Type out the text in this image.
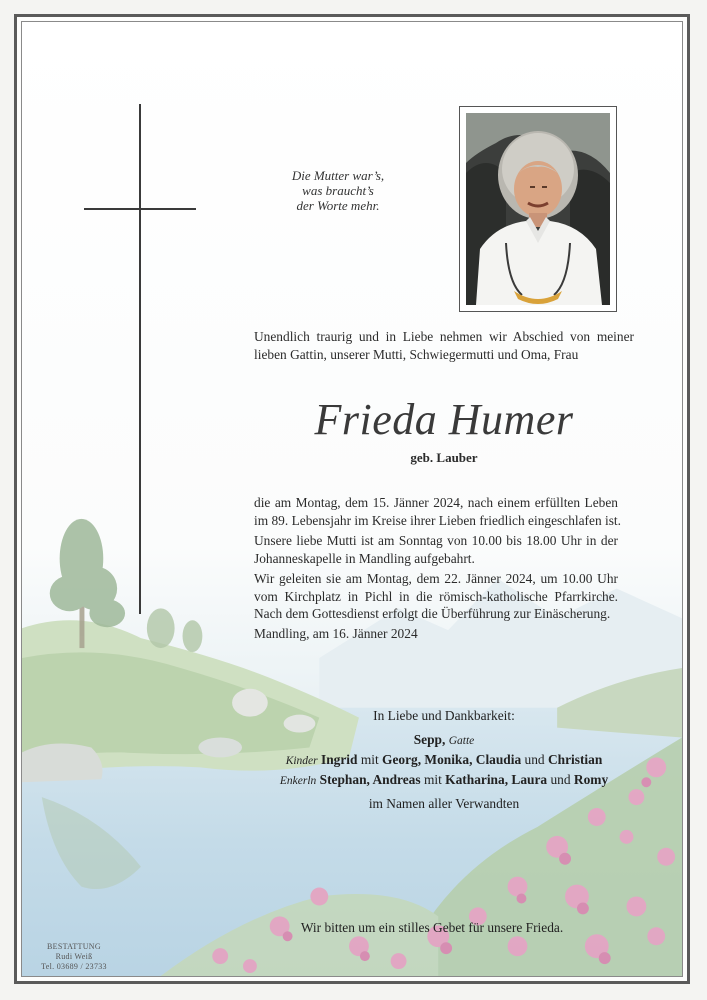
Die Mutter war’s,
was braucht’s
der Worte mehr.
Unendlich traurig und in Liebe nehmen wir Abschied von meiner
lieben Gattin, unserer Mutti, Schwiegermutti und Oma, Frau
Frieda Humer
geb. Lauber
die am Montag, dem 15. Jänner 2024, nach einem erfüllten Leben
im 89. Lebensjahr im Kreise ihrer Lieben friedlich eingeschlafen ist.
Unsere liebe Mutti ist am Sonntag von 10.00 bis 18.00 Uhr in der
Johanneskapelle in Mandling aufgebahrt.
Wir geleiten sie am Montag, dem 22. Jänner 2024, um 10.00 Uhr
vom Kirchplatz in Pichl in die römisch-katholische Pfarrkirche.
Nach dem Gottesdienst erfolgt die Überführung zur Einäscherung.
Mandling, am 16. Jänner 2024
In Liebe und Dankbarkeit:
Sepp, Gatte
Kinder Ingrid mit Georg, Monika, Claudia und Christian
Enkerln Stephan, Andreas mit Katharina, Laura und Romy
im Namen aller Verwandten
Wir bitten um ein stilles Gebet für unsere Frieda.
BESTATTUNG
Rudi Weiß
Tel. 03689 / 23733
